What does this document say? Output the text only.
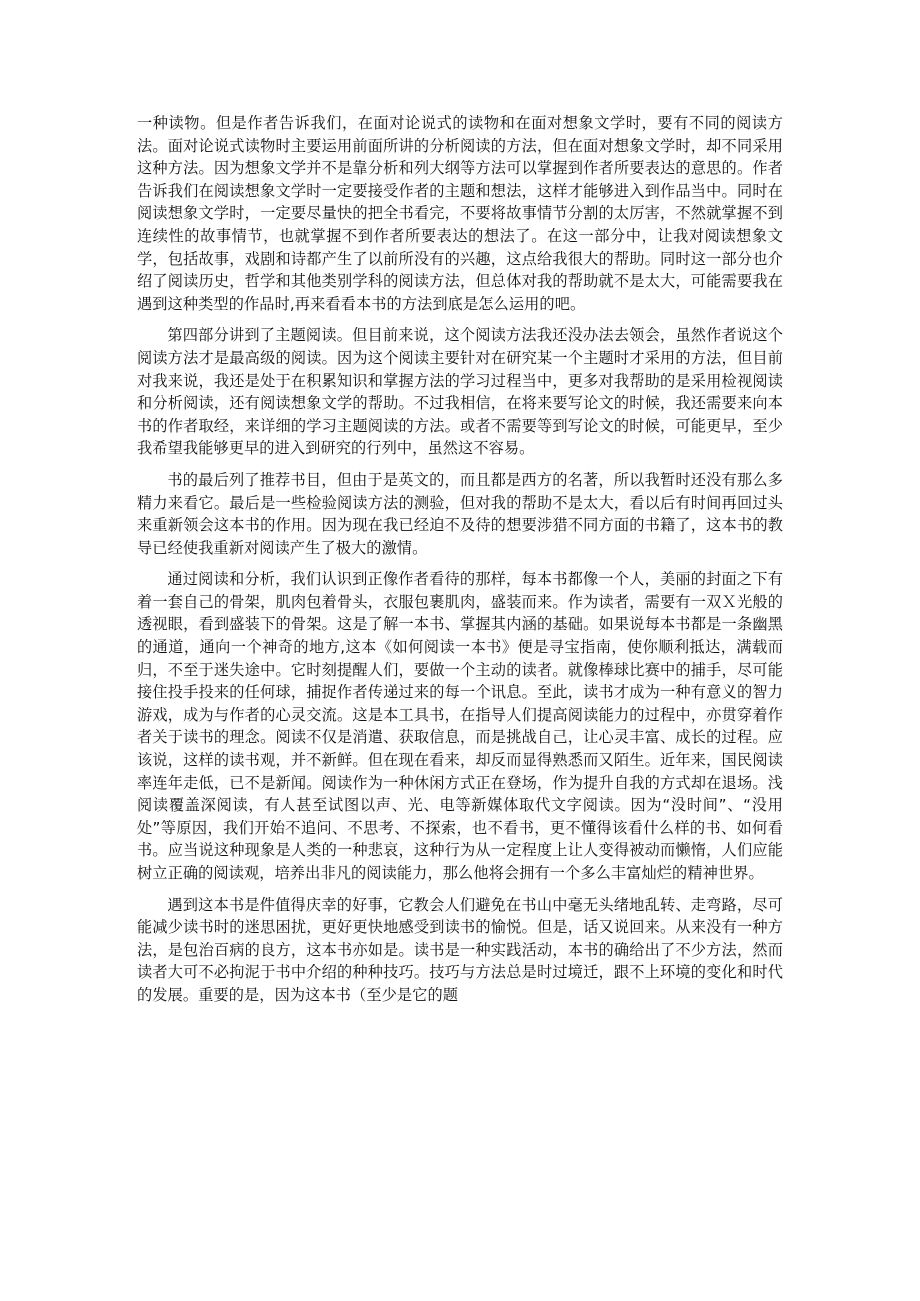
一种读物。但是作者告诉我们，在面对论说式的读物和在面对想象文学时，要有不同的阅读方法。面对论说式读物时主要运用前面所讲的分析阅读的方法，但在面对想象文学时，却不同采用这种方法。因为想象文学并不是靠分析和列大纲等方法可以掌握到作者所要表达的意思的。作者告诉我们在阅读想象文学时一定要接受作者的主题和想法，这样才能够进入到作品当中。同时在阅读想象文学时，一定要尽量快的把全书看完，不要将故事情节分割的太厉害，不然就掌握不到连续性的故事情节，也就掌握不到作者所要表达的想法了。在这一部分中，让我对阅读想象文学，包括故事，戏剧和诗都产生了以前所没有的兴趣，这点给我很大的帮助。同时这一部分也介绍了阅读历史，哲学和其他类别学科的阅读方法，但总体对我的帮助就不是太大，可能需要我在遇到这种类型的作品时,再来看看本书的方法到底是怎么运用的吧。

第四部分讲到了主题阅读。但目前来说，这个阅读方法我还没办法去领会，虽然作者说这个阅读方法才是最高级的阅读。因为这个阅读主要针对在研究某一个主题时才采用的方法，但目前对我来说，我还是处于在积累知识和掌握方法的学习过程当中，更多对我帮助的是采用检视阅读和分析阅读，还有阅读想象文学的帮助。不过我相信，在将来要写论文的时候，我还需要来向本书的作者取经，来详细的学习主题阅读的方法。或者不需要等到写论文的时候，可能更早，至少我希望我能够更早的进入到研究的行列中，虽然这不容易。

书的最后列了推荐书目，但由于是英文的，而且都是西方的名著，所以我暂时还没有那么多精力来看它。最后是一些检验阅读方法的测验，但对我的帮助不是太大，看以后有时间再回过头来重新领会这本书的作用。因为现在我已经迫不及待的想要涉猎不同方面的书籍了，这本书的教导已经使我重新对阅读产生了极大的激情。

通过阅读和分析，我们认识到正像作者看待的那样，每本书都像一个人，美丽的封面之下有着一套自己的骨架，肌肉包着骨头，衣服包裹肌肉，盛装而来。作为读者，需要有一双Ｘ光般的透视眼，看到盛装下的骨架。这是了解一本书、掌握其内涵的基础。如果说每本书都是一条幽黑的通道，通向一个神奇的地方,这本《如何阅读一本书》便是寻宝指南，使你顺利抵达，满载而归，不至于迷失途中。它时刻提醒人们，要做一个主动的读者。就像棒球比赛中的捕手，尽可能接住投手投来的任何球，捕捉作者传递过来的每一个讯息。至此，读书才成为一种有意义的智力游戏，成为与作者的心灵交流。这是本工具书，在指导人们提高阅读能力的过程中，亦贯穿着作者关于读书的理念。阅读不仅是消遣、获取信息，而是挑战自己，让心灵丰富、成长的过程。应该说，这样的读书观，并不新鲜。但在现在看来，却反而显得熟悉而又陌生。近年来，国民阅读率连年走低，已不是新闻。阅读作为一种休闲方式正在登场，作为提升自我的方式却在退场。浅阅读覆盖深阅读，有人甚至试图以声、光、电等新媒体取代文字阅读。因为“没时间”、“没用处”等原因，我们开始不追问、不思考、不探索，也不看书，更不懂得该看什么样的书、如何看书。应当说这种现象是人类的一种悲哀，这种行为从一定程度上让人变得被动而懒惰，人们应能树立正确的阅读观，培养出非凡的阅读能力，那么他将会拥有一个多么丰富灿烂的精神世界。

遇到这本书是件值得庆幸的好事，它教会人们避免在书山中毫无头绪地乱转、走弯路，尽可能减少读书时的迷思困扰，更好更快地感受到读书的愉悦。但是，话又说回来。从来没有一种方法，是包治百病的良方，这本书亦如是。读书是一种实践活动，本书的确给出了不少方法，然而读者大可不必拘泥于书中介绍的种种技巧。技巧与方法总是时过境迁，跟不上环境的变化和时代的发展。重要的是，因为这本书（至少是它的题
